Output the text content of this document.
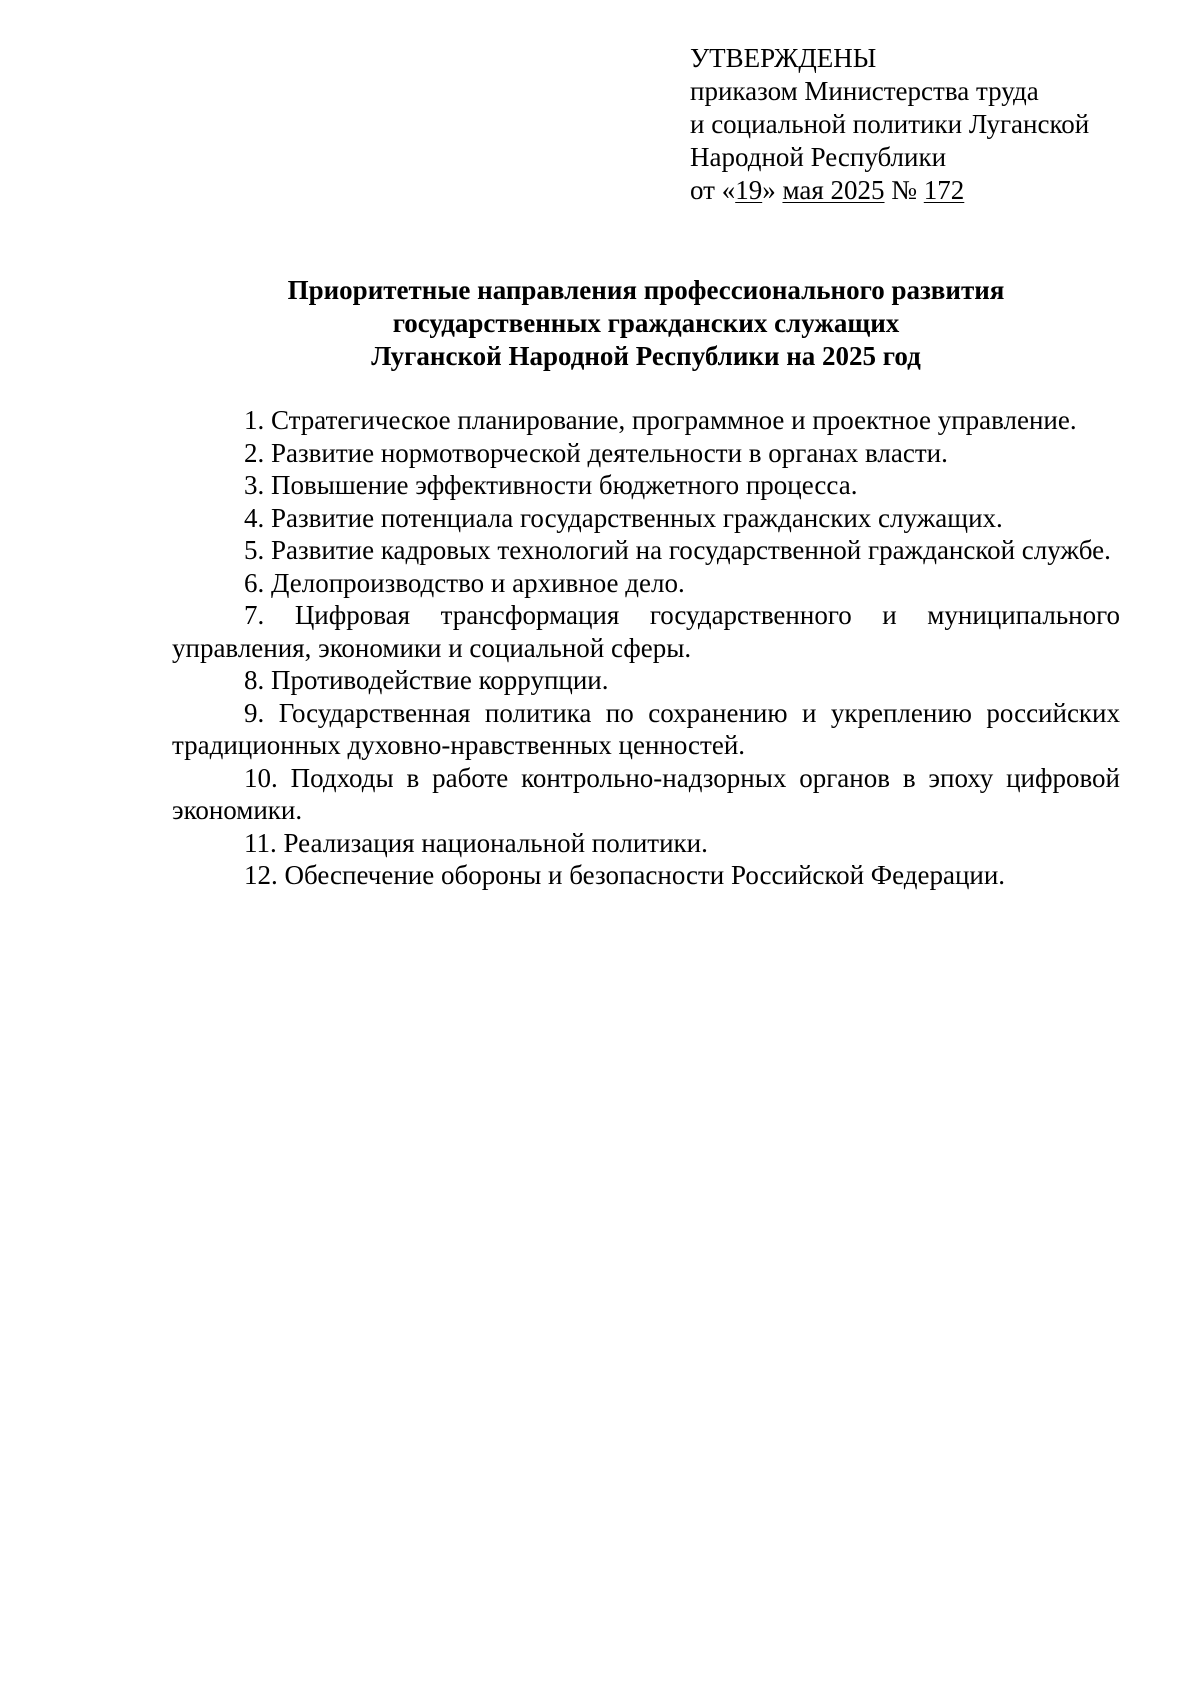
УТВЕРЖДЕНЫ
приказом Министерства труда
и социальной политики Луганской
Народной Республики
от «19» мая 2025 № 172
Приоритетные направления профессионального развития
государственных гражданских служащих
Луганской Народной Республики на 2025 год

1. Стратегическое планирование, программное и проектное управление.

2. Развитие нормотворческой деятельности в органах власти.

3. Повышение эффективности бюджетного процесса.

4. Развитие потенциала государственных гражданских служащих.

5. Развитие кадровых технологий на государственной гражданской службе.

6. Делопроизводство и архивное дело.

7. Цифровая трансформация государственного и муниципального управления, экономики и социальной сферы.

8. Противодействие коррупции.

9. Государственная политика по сохранению и укреплению российских традиционных духовно-нравственных ценностей.

10. Подходы в работе контрольно-надзорных органов в эпоху цифровой экономики.

11. Реализация национальной политики.

12. Обеспечение обороны и безопасности Российской Федерации.
